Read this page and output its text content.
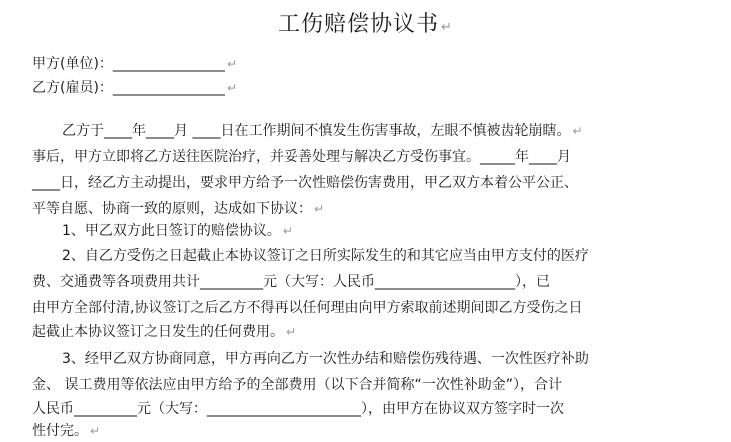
工伤赔偿协议书 ↵
甲方(单位)：________________ ↵
乙方(雇员)：________________ ↵
乙方于____年____月 ____日在工作期间不慎发生伤害事故，左眼不慎被齿轮崩瞎。 ↵
事后，甲方立即将乙方送往医院治疗，并妥善处理与解决乙方受伤事宜。_____年____月
____日，经乙方主动提出，要求甲方给予一次性赔偿伤害费用，甲乙双方本着公平公正、
平等自愿、协商一致的原则，达成如下协议： ↵
1、甲乙双方此日签订的赔偿协议。 ↵
2、自乙方受伤之日起截止本协议签订之日所实际发生的和其它应当由甲方支付的医疗
费、交通费等各项费用共计_________元（大写：人民币____________________），已
由甲方全部付清,协议签订之后乙方不得再以任何理由向甲方索取前述期间即乙方受伤之日
起截止本协议签订之日发生的任何费用。 ↵
3、经甲乙双方协商同意，甲方再向乙方一次性办结和赔偿伤残待遇、一次性医疗补助
金、 误工费用等依法应由甲方给予的全部费用（以下合并简称“一次性补助金”），合计
人民币_________元（大写：______________________），由甲方在协议双方签字时一次
性付完。 ↵
